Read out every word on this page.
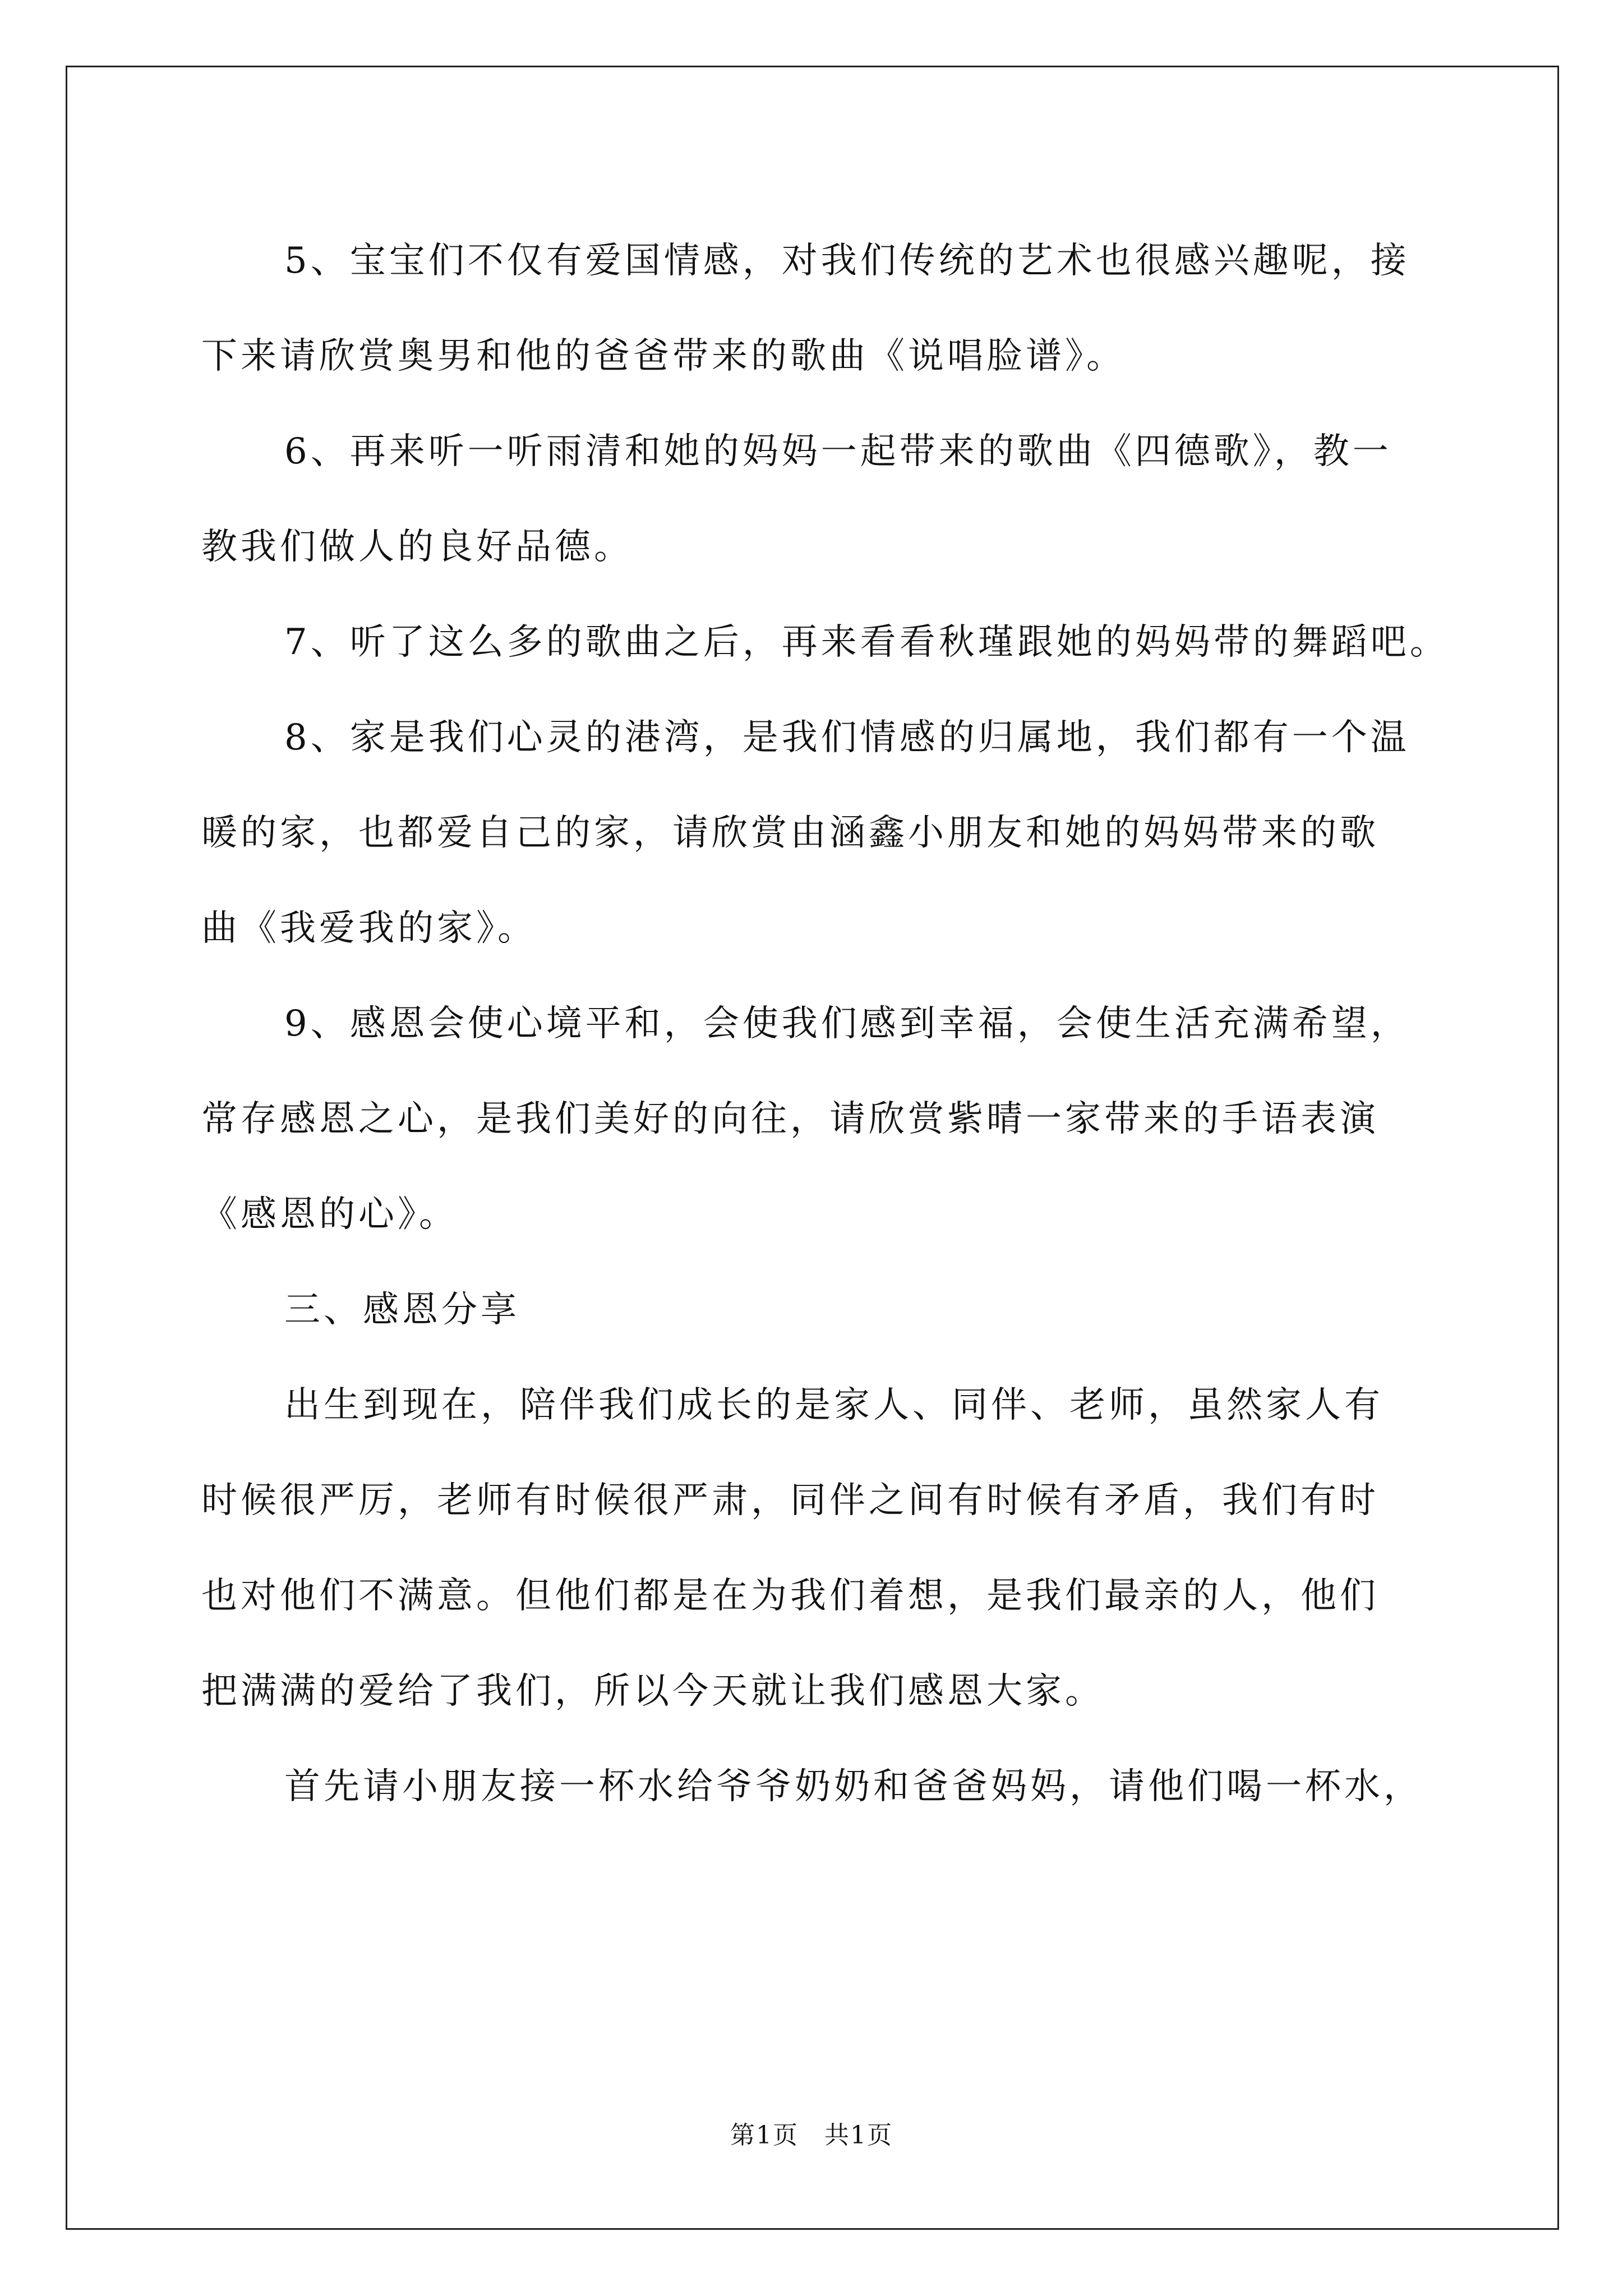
5、宝宝们不仅有爱国情感，对我们传统的艺术也很感兴趣呢，接
下来请欣赏奥男和他的爸爸带来的歌曲《说唱脸谱》。
6、再来听一听雨清和她的妈妈一起带来的歌曲《四德歌》，教一
教我们做人的良好品德。
7、听了这么多的歌曲之后，再来看看秋瑾跟她的妈妈带的舞蹈吧。
8、家是我们心灵的港湾，是我们情感的归属地，我们都有一个温
暖的家，也都爱自己的家，请欣赏由涵鑫小朋友和她的妈妈带来的歌
曲《我爱我的家》。
9、感恩会使心境平和，会使我们感到幸福，会使生活充满希望，
常存感恩之心，是我们美好的向往，请欣赏紫晴一家带来的手语表演
《感恩的心》。
三、感恩分享
出生到现在，陪伴我们成长的是家人、同伴、老师，虽然家人有
时候很严厉，老师有时候很严肃，同伴之间有时候有矛盾，我们有时
也对他们不满意。但他们都是在为我们着想，是我们最亲的人，他们
把满满的爱给了我们，所以今天就让我们感恩大家。
首先请小朋友接一杯水给爷爷奶奶和爸爸妈妈，请他们喝一杯水，
第1页　共1页
